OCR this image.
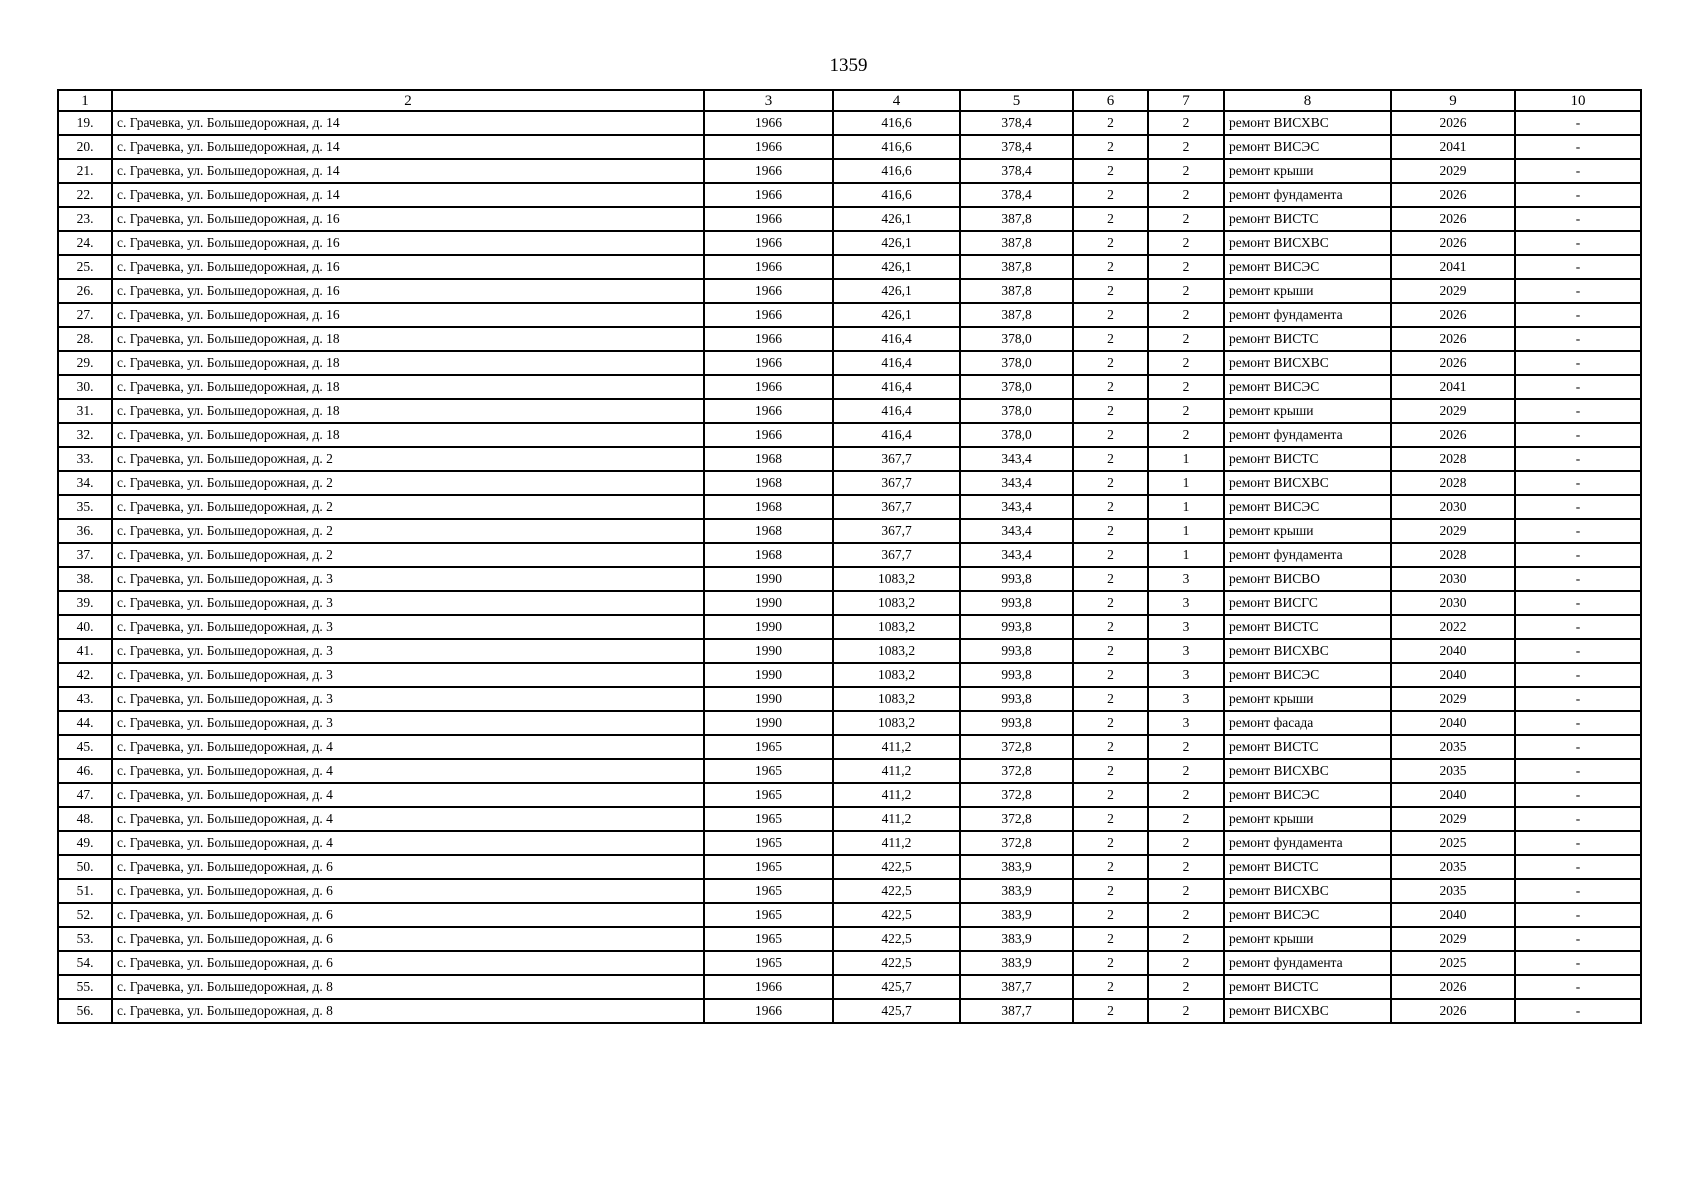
1359
1	2	3	4	5	6	7	8	9	10
19.	с. Грачевка, ул. Большедорожная, д. 14	1966	416,6	378,4	2	2	ремонт ВИСХВС	2026	-
20.	с. Грачевка, ул. Большедорожная, д. 14	1966	416,6	378,4	2	2	ремонт ВИСЭС	2041	-
21.	с. Грачевка, ул. Большедорожная, д. 14	1966	416,6	378,4	2	2	ремонт крыши	2029	-
22.	с. Грачевка, ул. Большедорожная, д. 14	1966	416,6	378,4	2	2	ремонт фундамента	2026	-
23.	с. Грачевка, ул. Большедорожная, д. 16	1966	426,1	387,8	2	2	ремонт ВИСТС	2026	-
24.	с. Грачевка, ул. Большедорожная, д. 16	1966	426,1	387,8	2	2	ремонт ВИСХВС	2026	-
25.	с. Грачевка, ул. Большедорожная, д. 16	1966	426,1	387,8	2	2	ремонт ВИСЭС	2041	-
26.	с. Грачевка, ул. Большедорожная, д. 16	1966	426,1	387,8	2	2	ремонт крыши	2029	-
27.	с. Грачевка, ул. Большедорожная, д. 16	1966	426,1	387,8	2	2	ремонт фундамента	2026	-
28.	с. Грачевка, ул. Большедорожная, д. 18	1966	416,4	378,0	2	2	ремонт ВИСТС	2026	-
29.	с. Грачевка, ул. Большедорожная, д. 18	1966	416,4	378,0	2	2	ремонт ВИСХВС	2026	-
30.	с. Грачевка, ул. Большедорожная, д. 18	1966	416,4	378,0	2	2	ремонт ВИСЭС	2041	-
31.	с. Грачевка, ул. Большедорожная, д. 18	1966	416,4	378,0	2	2	ремонт крыши	2029	-
32.	с. Грачевка, ул. Большедорожная, д. 18	1966	416,4	378,0	2	2	ремонт фундамента	2026	-
33.	с. Грачевка, ул. Большедорожная, д. 2	1968	367,7	343,4	2	1	ремонт ВИСТС	2028	-
34.	с. Грачевка, ул. Большедорожная, д. 2	1968	367,7	343,4	2	1	ремонт ВИСХВС	2028	-
35.	с. Грачевка, ул. Большедорожная, д. 2	1968	367,7	343,4	2	1	ремонт ВИСЭС	2030	-
36.	с. Грачевка, ул. Большедорожная, д. 2	1968	367,7	343,4	2	1	ремонт крыши	2029	-
37.	с. Грачевка, ул. Большедорожная, д. 2	1968	367,7	343,4	2	1	ремонт фундамента	2028	-
38.	с. Грачевка, ул. Большедорожная, д. 3	1990	1083,2	993,8	2	3	ремонт ВИСВО	2030	-
39.	с. Грачевка, ул. Большедорожная, д. 3	1990	1083,2	993,8	2	3	ремонт ВИСГС	2030	-
40.	с. Грачевка, ул. Большедорожная, д. 3	1990	1083,2	993,8	2	3	ремонт ВИСТС	2022	-
41.	с. Грачевка, ул. Большедорожная, д. 3	1990	1083,2	993,8	2	3	ремонт ВИСХВС	2040	-
42.	с. Грачевка, ул. Большедорожная, д. 3	1990	1083,2	993,8	2	3	ремонт ВИСЭС	2040	-
43.	с. Грачевка, ул. Большедорожная, д. 3	1990	1083,2	993,8	2	3	ремонт крыши	2029	-
44.	с. Грачевка, ул. Большедорожная, д. 3	1990	1083,2	993,8	2	3	ремонт фасада	2040	-
45.	с. Грачевка, ул. Большедорожная, д. 4	1965	411,2	372,8	2	2	ремонт ВИСТС	2035	-
46.	с. Грачевка, ул. Большедорожная, д. 4	1965	411,2	372,8	2	2	ремонт ВИСХВС	2035	-
47.	с. Грачевка, ул. Большедорожная, д. 4	1965	411,2	372,8	2	2	ремонт ВИСЭС	2040	-
48.	с. Грачевка, ул. Большедорожная, д. 4	1965	411,2	372,8	2	2	ремонт крыши	2029	-
49.	с. Грачевка, ул. Большедорожная, д. 4	1965	411,2	372,8	2	2	ремонт фундамента	2025	-
50.	с. Грачевка, ул. Большедорожная, д. 6	1965	422,5	383,9	2	2	ремонт ВИСТС	2035	-
51.	с. Грачевка, ул. Большедорожная, д. 6	1965	422,5	383,9	2	2	ремонт ВИСХВС	2035	-
52.	с. Грачевка, ул. Большедорожная, д. 6	1965	422,5	383,9	2	2	ремонт ВИСЭС	2040	-
53.	с. Грачевка, ул. Большедорожная, д. 6	1965	422,5	383,9	2	2	ремонт крыши	2029	-
54.	с. Грачевка, ул. Большедорожная, д. 6	1965	422,5	383,9	2	2	ремонт фундамента	2025	-
55.	с. Грачевка, ул. Большедорожная, д. 8	1966	425,7	387,7	2	2	ремонт ВИСТС	2026	-
56.	с. Грачевка, ул. Большедорожная, д. 8	1966	425,7	387,7	2	2	ремонт ВИСХВС	2026	-
